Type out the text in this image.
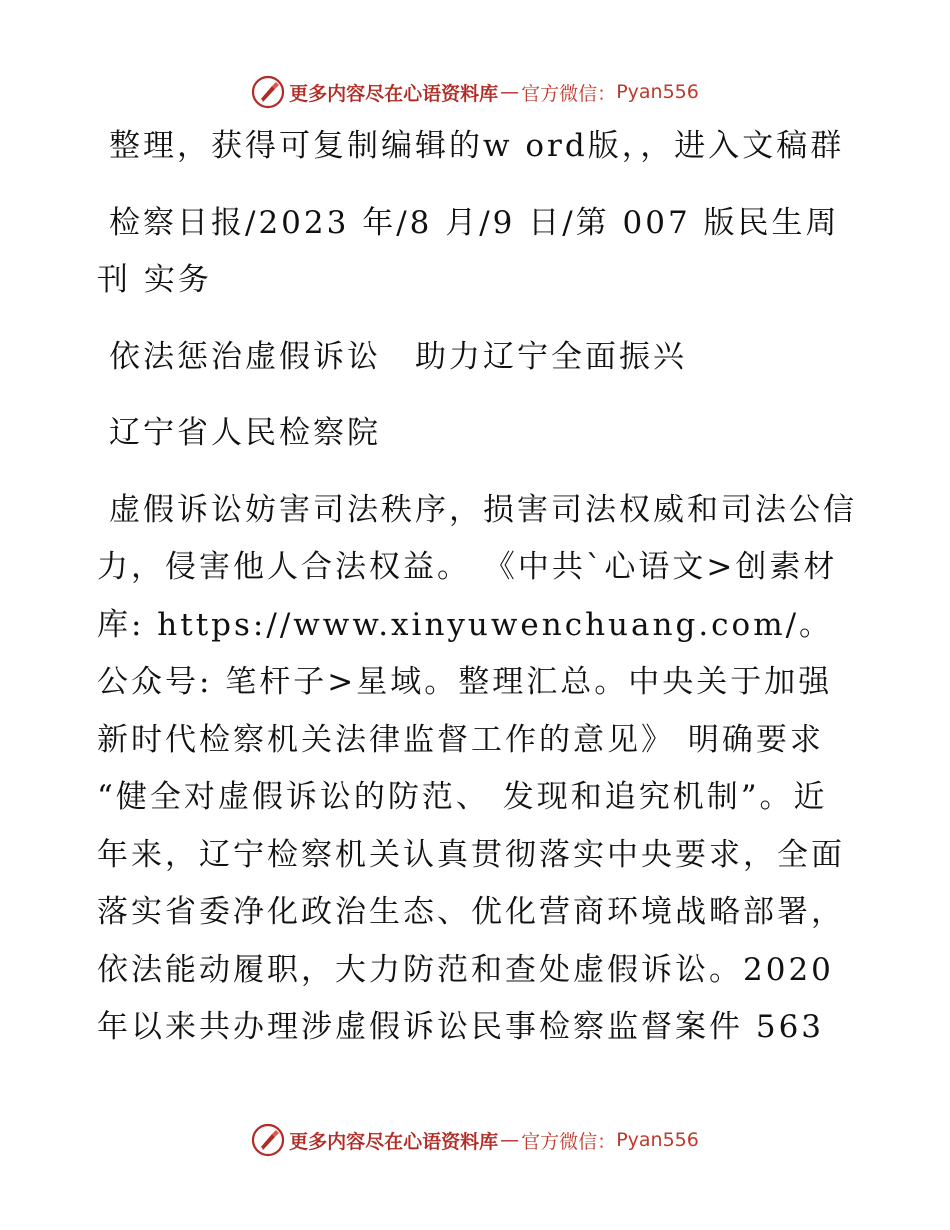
更多内容尽在心语资料库 — 官方微信： Pyan556

整理，获得可复制编辑的w ord版，，进入文稿群

检察日报/2023 年/8 月/9 日/第 007 版民生周刊 实务

依法惩治虚假诉讼　助力辽宁全面振兴

辽宁省人民检察院

虚假诉讼妨害司法秩序，损害司法权威和司法公信力，侵害他人合法权益。 《中共`心语文>创素材库: https://www.xinyuwenchuang.com/。公众号: 笔杆子>星域。整理汇总。中央关于加强新时代检察机关法律监督工作的意见》 明确要求 “健全对虚假诉讼的防范、 发现和追究机制”。近年来，辽宁检察机关认真贯彻落实中央要求，全面落实省委净化政治生态、优化营商环境战略部署，依法能动履职，大力防范和查处虚假诉讼。2020年以来共办理涉虚假诉讼民事检察监督案件 563

更多内容尽在心语资料库 — 官方微信： Pyan556
